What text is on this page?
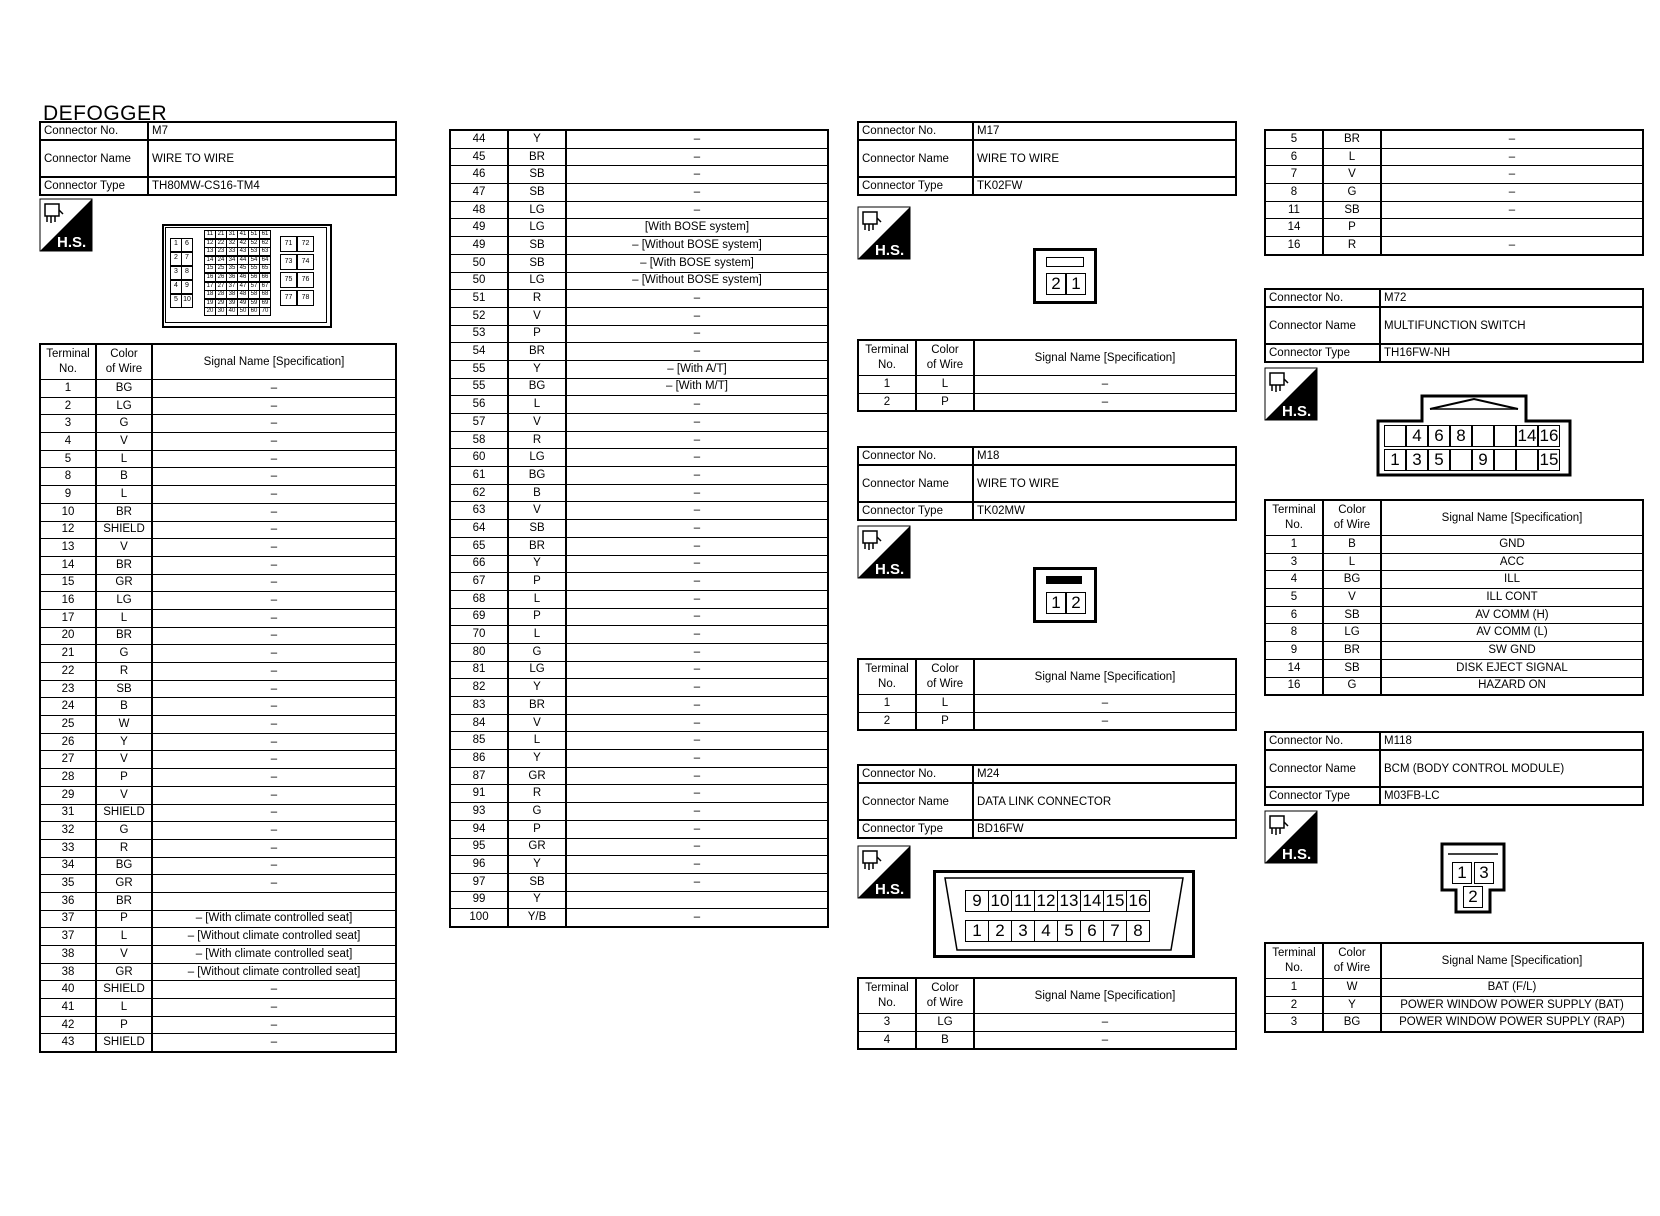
DEFOGGER
Connector No.	M7
Connector Name	WIRE TO WIRE
Connector Type	TH80MW-CS16-TM4
H.S.	1	6
2	7
3	8
4	9
5 10
11
12
13
14
15
16
17
18
19
20
21
22
23
24
25
26
27
28
29
30
31
32
33
34
35
36
37
38
39
40
41
42
43
44
45
46
47
48
49
50
51
52
53
54
55
56
57
58
59
60
61
62
63
64
65
66
67
68
69
70
71	72
73	74
75	76
77	78
Terminal
No.	Color
of Wire	Signal Name [Specification]
1	BG	–
2	LG	–
3	G	–
4	V	–
5	L	–
8	B	–
9	L	–
10	BR	–
12	SHIELD	–
13	V	–
14	BR	–
15	GR	–
16	LG	–
17	L	–
20	BR	–
21	G	–
22	R	–
23	SB	–
24	B	–
25	W	–
26	Y	–
27	V	–
28	P	–
29	V	–
31	SHIELD	–
32	G	–
33	R	–
34	BG	–
35	GR	–
36	BR	
37	P	– [With climate controlled seat]
37	L	– [Without climate controlled seat]
38	V	– [With climate controlled seat]
38	GR	– [Without climate controlled seat]
40	SHIELD	–
41	L	–
42	P	–
43	SHIELD	–
44	Y	–
45	BR	–
46	SB	–
47	SB	–
48	LG	–
49	LG	[With BOSE system]
49	SB	– [Without BOSE system]
50	SB	– [With BOSE system]
50	LG	– [Without BOSE system]
51	R	–
52	V	–
53	P	–
54	BR	–
55	Y	– [With A/T]
55	BG	– [With M/T]
56	L	–
57	V	–
58	R	–
60	LG	–
61	BG	–
62	B	–
63	V	–
64	SB	–
65	BR	–
66	Y	–
67	P	–
68	L	–
69	P	–
70	L	–
80	G	–
81	LG	–
82	Y	–
83	BR	–
84	V	–
85	L	–
86	Y	–
87	GR	–
91	R	–
93	G	–
94	P	–
95	GR	–
96	Y	–
97	SB	–
99	Y	
100	Y/B	–
Connector No.	M17
Connector Name	WIRE TO WIRE
Connector Type	TK02FW
H.S.
2 1
Terminal
No.	Color
of Wire	Signal Name [Specification]
1	L	–
2	P	–
Connector No.	M18
Connector Name	WIRE TO WIRE
Connector Type	TK02MW
H.S.
1 2
Terminal
No.	Color
of Wire	Signal Name [Specification]
1	L	–
2	P	–
Connector No.	M24
Connector Name	DATA LINK CONNECTOR
Connector Type	BD16FW
H.S.
9 10 11 12 13 14 15 16
1 2 3 4 5 6 7 8
Terminal
No.	Color
of Wire	Signal Name [Specification]
3	LG	–
4	B	–
5	BR	–
6	L	–
7	V	–
8	G	–
11	SB	–
14	P	
16	R	–
Connector No.	M72
Connector Name	MULTIFUNCTION SWITCH
Connector Type	TH16FW-NH
H.S.
4 6 8	14 16
1 3 5	9	15
Terminal
No.	Color
of Wire	Signal Name [Specification]
1	B	GND
3	L	ACC
4	BG	ILL
5	V	ILL CONT
6	SB	AV COMM (H)
8	LG	AV COMM (L)
9	BR	SW GND
14	SB	DISK EJECT SIGNAL
16	G	HAZARD ON
Connector No.	M118
Connector Name	BCM (BODY CONTROL MODULE)
Connector Type	M03FB-LC
H.S.
1 3
2
Terminal
No.	Color
of Wire	Signal Name [Specification]
1	W	BAT (F/L)
2	Y	POWER WINDOW POWER SUPPLY (BAT)
3	BG	POWER WINDOW POWER SUPPLY (RAP)
